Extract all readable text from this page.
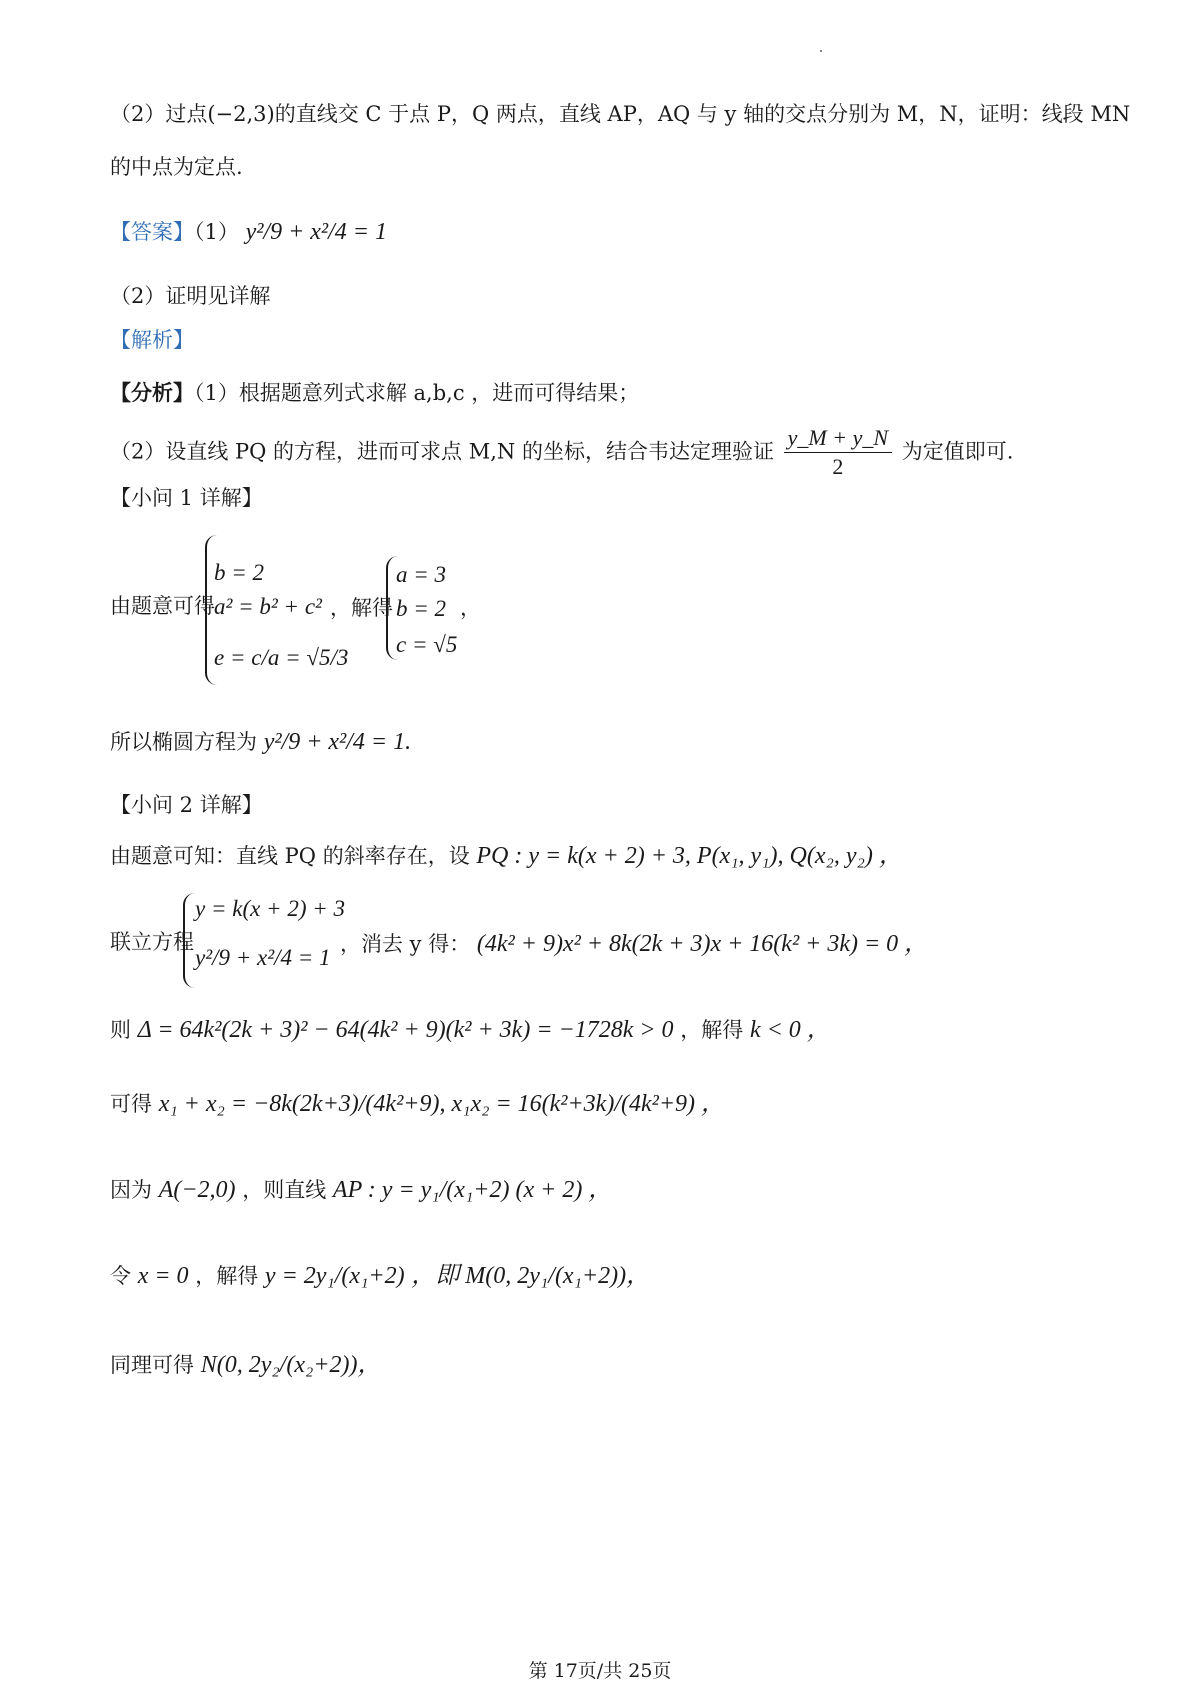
（2）过点(−2,3)的直线交 C 于点 P，Q 两点，直线 AP，AQ 与 y 轴的交点分别为 M，N，证明：线段 MN
的中点为定点.
【答案】（1） y²/9 + x²/4 = 1
（2）证明见详解
【解析】
【分析】（1）根据题意列式求解 a,b,c ，进而可得结果；
（2）设直线 PQ 的方程，进而可求点 M,N 的坐标，结合韦达定理验证 $\frac{y\_M + y\_N}{2}$ 为定值即可.
【小问 1 详解】
由题意可得
b = 2
a² = b² + c²
e = c/a = √5/3
，解得
a = 3
b = 2
c = √5
，
所以椭圆方程为 y²/9 + x²/4 = 1.
【小问 2 详解】
由题意可知：直线 PQ 的斜率存在，设 PQ : y = k(x + 2) + 3, P(x₁, y₁), Q(x₂, y₂) ，
联立方程
y = k(x + 2) + 3
y²/9 + x²/4 = 1
，消去 y 得： (4k² + 9)x² + 8k(2k + 3)x + 16(k² + 3k) = 0 ，
则 Δ = 64k²(2k + 3)² − 64(4k² + 9)(k² + 3k) = −1728k > 0 ，解得 k < 0 ，
可得 x₁ + x₂ = −8k(2k+3)/(4k²+9), x₁x₂ = 16(k²+3k)/(4k²+9) ，
因为 A(−2,0) ，则直线 AP : y = y₁/(x₁+2) (x + 2) ，
令 x = 0 ，解得 y = 2y₁/(x₁+2) ，即 M(0, 2y₁/(x₁+2))，
同理可得 N(0, 2y₂/(x₂+2))，
第 17页/共 25页
